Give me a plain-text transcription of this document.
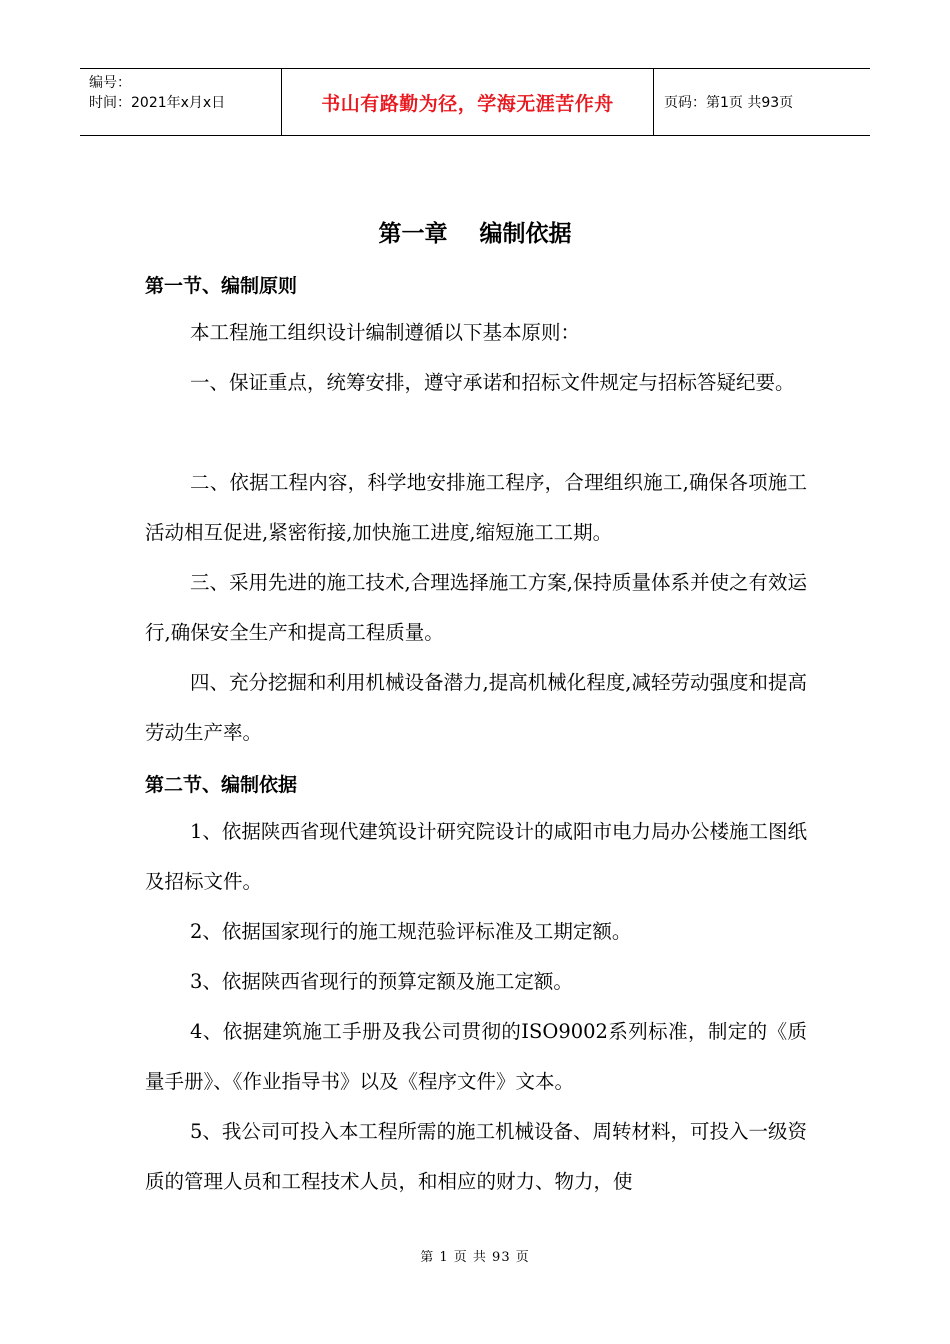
编号：
时间：2021年x月x日	书山有路勤为径，学海无涯苦作舟	页码：第1页 共93页
第一章    编制依据
第一节、编制原则
本工程施工组织设计编制遵循以下基本原则：
一、保证重点，统筹安排，遵守承诺和招标文件规定与招标答疑纪要。
二、依据工程内容，科学地安排施工程序，合理组织施工,确保各项施工活动相互促进,紧密衔接,加快施工进度,缩短施工工期。
三、采用先进的施工技术,合理选择施工方案,保持质量体系并使之有效运行,确保安全生产和提高工程质量。
四、充分挖掘和利用机械设备潜力,提高机械化程度,减轻劳动强度和提高劳动生产率。
第二节、编制依据
1、依据陕西省现代建筑设计研究院设计的咸阳市电力局办公楼施工图纸及招标文件。
2、依据国家现行的施工规范验评标准及工期定额。
3、依据陕西省现行的预算定额及施工定额。
4、依据建筑施工手册及我公司贯彻的ISO9002系列标准，制定的《质量手册》、《作业指导书》以及《程序文件》文本。
5、我公司可投入本工程所需的施工机械设备、周转材料，可投入一级资质的管理人员和工程技术人员，和相应的财力、物力，使
第 1 页 共 93 页
